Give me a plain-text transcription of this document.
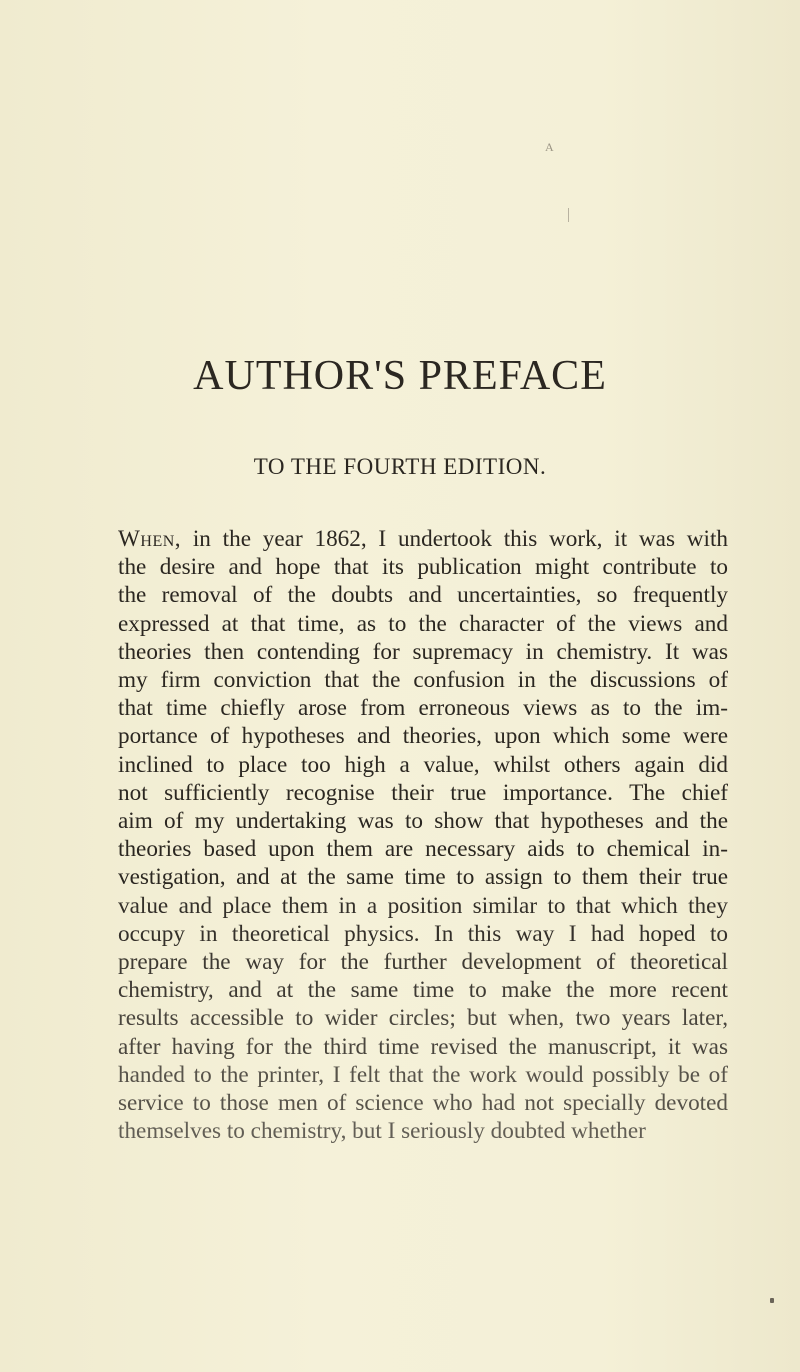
A
AUTHOR'S PREFACE
TO THE FOURTH EDITION.
When, in the year 1862, I undertook this work, it was with
the desire and hope that its publication might contribute to
the removal of the doubts and uncertainties, so frequently
expressed at that time, as to the character of the views and
theories then contending for supremacy in chemistry. It was
my firm conviction that the confusion in the discussions of
that time chiefly arose from erroneous views as to the im-
portance of hypotheses and theories, upon which some were
inclined to place too high a value, whilst others again did
not sufficiently recognise their true importance. The chief
aim of my undertaking was to show that hypotheses and the
theories based upon them are necessary aids to chemical in-
vestigation, and at the same time to assign to them their true
value and place them in a position similar to that which they
occupy in theoretical physics. In this way I had hoped to
prepare the way for the further development of theoretical
chemistry, and at the same time to make the more recent
results accessible to wider circles; but when, two years later,
after having for the third time revised the manuscript, it was
handed to the printer, I felt that the work would possibly be of
service to those men of science who had not specially devoted
themselves to chemistry, but I seriously doubted whether
